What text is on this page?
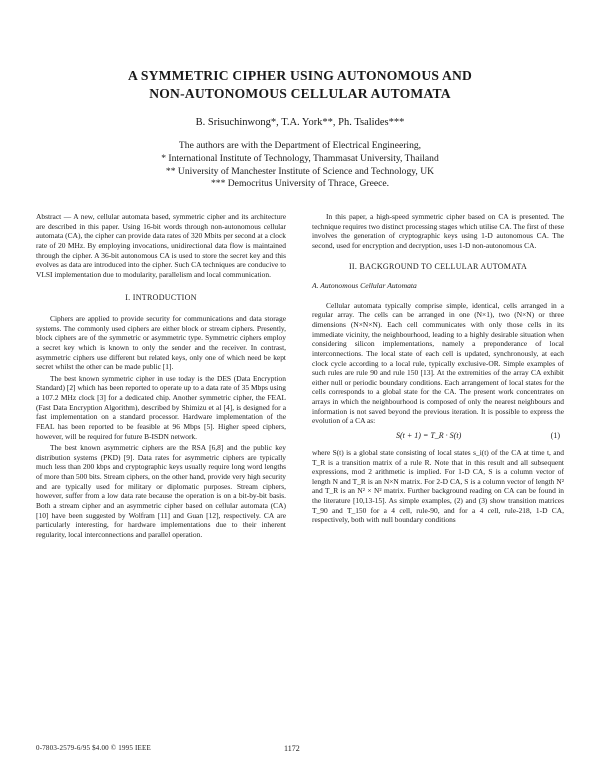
A SYMMETRIC CIPHER USING AUTONOMOUS AND
NON-AUTONOMOUS CELLULAR AUTOMATA
B. Srisuchinwong*, T.A. York**, Ph. Tsalides***
The authors are with the Department of Electrical Engineering,
* International Institute of Technology, Thammasat University, Thailand
** University of Manchester Institute of Science and Technology, UK
*** Democritus University of Thrace, Greece.

Abstract — A new, cellular automata based, symmetric cipher and its architecture are described in this paper. Using 16-bit words through non-autonomous cellular automata (CA), the cipher can provide data rates of 320 Mbits per second at a clock rate of 20 MHz. By employing invocations, unidirectional data flow is maintained through the cipher. A 36-bit autonomous CA is used to store the secret key and this evolves as data are introduced into the cipher. Such CA techniques are conducive to VLSI implementation due to modularity, parallelism and local communication.

I. INTRODUCTION

Ciphers are applied to provide security for communications and data storage systems. The commonly used ciphers are either block or stream ciphers. Presently, block ciphers are of the symmetric or asymmetric type. Symmetric ciphers employ a secret key which is known to only the sender and the receiver. In contrast, asymmetric ciphers use different but related keys, only one of which need be kept secret whilst the other can be made public [1].

The best known symmetric cipher in use today is the DES (Data Encryption Standard) [2] which has been reported to operate up to a data rate of 35 Mbps using a 107.2 MHz clock [3] for a dedicated chip. Another symmetric cipher, the FEAL (Fast Data Encryption Algorithm), described by Shimizu et al [4], is designed for a fast implementation on a standard processor. Hardware implementation of the FEAL has been reported to be feasible at 96 Mbps [5]. Higher speed ciphers, however, will be required for future B-ISDN network.

The best known asymmetric ciphers are the RSA [6,8] and the public key distribution systems (PKD) [9]. Data rates for asymmetric ciphers are typically much less than 200 kbps and cryptographic keys usually require long word lengths of more than 500 bits. Stream ciphers, on the other hand, provide very high security and are typically used for military or diplomatic purposes. Stream ciphers, however, suffer from a low data rate because the operation is on a bit-by-bit basis. Both a stream cipher and an asymmetric cipher based on cellular automata (CA) [10] have been suggested by Wolfram [11] and Guan [12], respectively. CA are particularly interesting, for hardware implementations due to their inherent regularity, local interconnections and parallel operation.

In this paper, a high-speed symmetric cipher based on CA is presented. The technique requires two distinct processing stages which utilise CA. The first of these involves the generation of cryptographic keys using 1-D autonomous CA. The second, used for encryption and decryption, uses 1-D non-autonomous CA.

II. BACKGROUND TO CELLULAR AUTOMATA
A. Autonomous Cellular Automata

Cellular automata typically comprise simple, identical, cells arranged in a regular array. The cells can be arranged in one (N×1), two (N×N) or three dimensions (N×N×N). Each cell communicates with only those cells in its immediate vicinity, the neighbourhood, leading to a highly desirable situation when considering silicon implementations, namely a preponderance of local interconnections. The local state of each cell is updated, synchronously, at each clock cycle according to a local rule, typically exclusive-OR. Simple examples of such rules are rule 90 and rule 150 [13]. At the extremities of the array CA exhibit either null or periodic boundary conditions. Each arrangement of local states for the cells corresponds to a global state for the CA. The present work concentrates on arrays in which the neighbourhood is composed of only the nearest neighbours and information is not saved beyond the previous iteration. It is possible to express the evolution of a CA as:

S(t + 1) = T_R · S(t)	(1)

where S(t) is a global state consisting of local states s_i(t) of the CA at time t, and T_R is a transition matrix of a rule R. Note that in this result and all subsequent expressions, mod 2 arithmetic is implied. For 1-D CA, S is a column vector of length N and T_R is an N×N matrix. For 2-D CA, S is a column vector of length N² and T_R is an N² × N² matrix. Further background reading on CA can be found in the literature [10,13-15]. As simple examples, (2) and (3) show transition matrices T_90 and T_150 for a 4 cell, rule-90, and for a 4 cell, rule-218, 1-D CA, respectively, both with null boundary conditions

0-7803-2579-6/95 $4.00 © 1995 IEEE	1172
